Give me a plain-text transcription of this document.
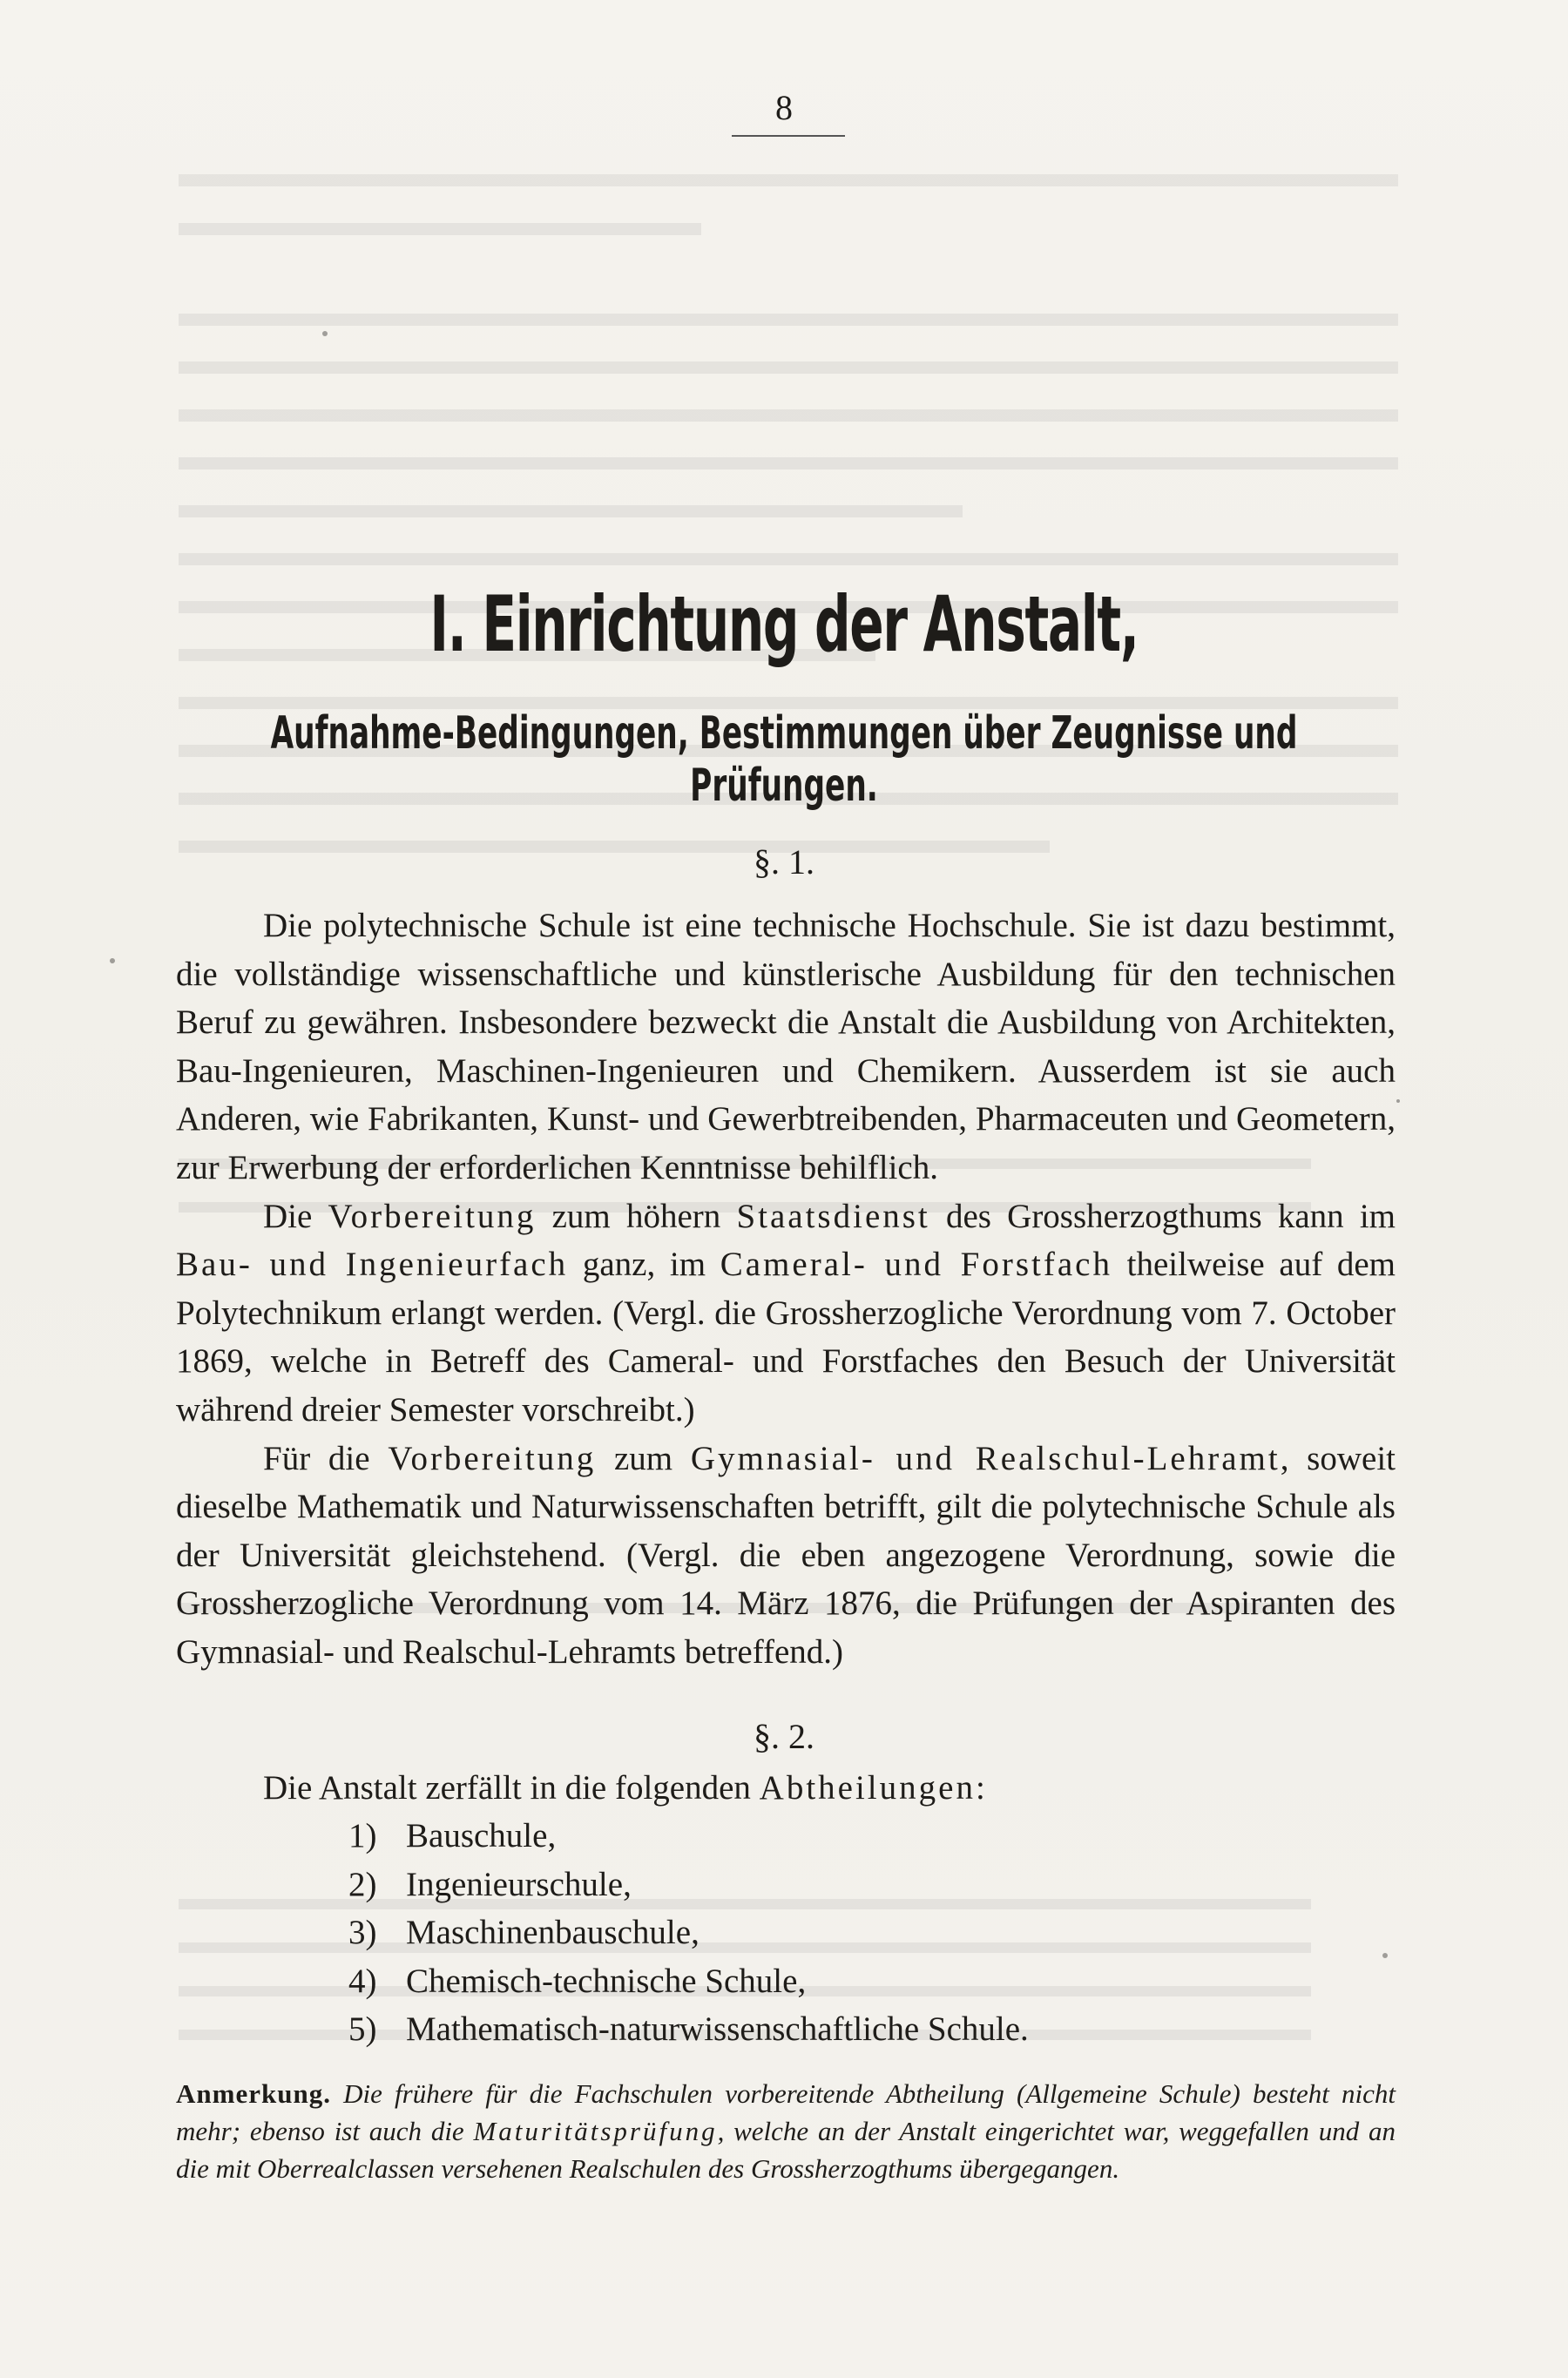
8
I. Einrichtung der Anstalt,
Aufnahme-Bedingungen, Bestimmungen über Zeugnisse und Prüfungen.
§. 1.

Die polytechnische Schule ist eine technische Hochschule. Sie ist dazu bestimmt, die vollständige wissenschaftliche und künstlerische Ausbildung für den technischen Beruf zu gewähren. Insbesondere bezweckt die Anstalt die Ausbildung von Architekten, Bau-Ingenieuren, Maschinen-Ingenieuren und Chemikern. Ausserdem ist sie auch Anderen, wie Fabrikanten, Kunst- und Gewerbtreibenden, Pharmaceuten und Geometern, zur Erwerbung der erforderlichen Kenntnisse behilflich.

Die Vorbereitung zum höhern Staatsdienst des Grossherzogthums kann im Bau- und Ingenieurfach ganz, im Cameral- und Forstfach theilweise auf dem Polytechnikum erlangt werden. (Vergl. die Grossherzogliche Verordnung vom 7. October 1869, welche in Betreff des Cameral- und Forstfaches den Besuch der Universität während dreier Semester vorschreibt.)

Für die Vorbereitung zum Gymnasial- und Realschul-Lehramt, soweit dieselbe Mathematik und Naturwissenschaften betrifft, gilt die polytechnische Schule als der Universität gleichstehend. (Vergl. die eben angezogene Verordnung, sowie die Grossherzogliche Verordnung vom 14. März 1876, die Prüfungen der Aspiranten des Gymnasial- und Realschul-Lehramts betreffend.)

§. 2.
Die Anstalt zerfällt in die folgenden Abtheilungen:
1) Bauschule,
2) Ingenieurschule,
3) Maschinenbauschule,
4) Chemisch-technische Schule,
5) Mathematisch-naturwissenschaftliche Schule.
Anmerkung. Die frühere für die Fachschulen vorbereitende Abtheilung (Allgemeine Schule) besteht nicht mehr; ebenso ist auch die Maturitätsprüfung, welche an der Anstalt eingerichtet war, weggefallen und an die mit Oberrealclassen versehenen Realschulen des Grossherzogthums übergegangen.
